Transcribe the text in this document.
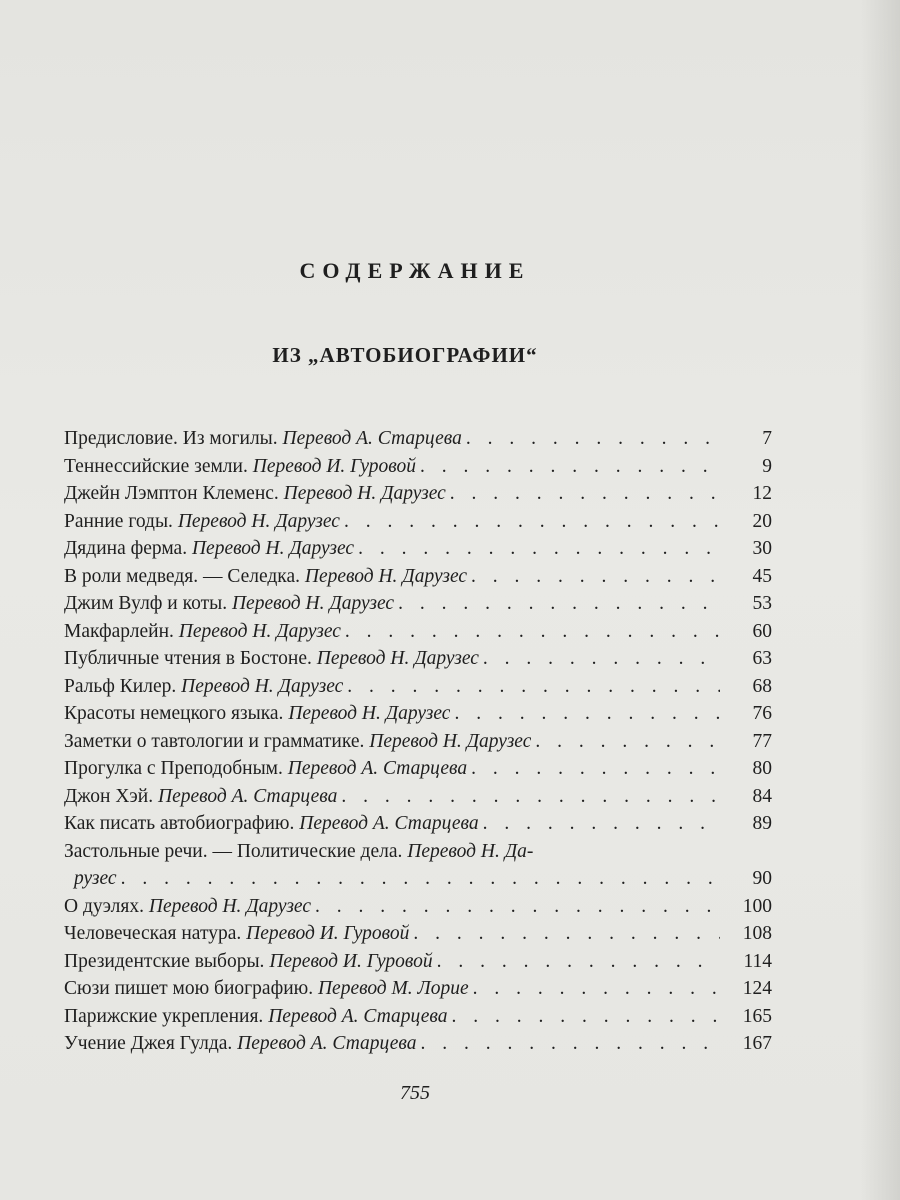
СОДЕРЖАНИЕ
ИЗ „АВТОБИОГРАФИИ“
Предисловие. Из могилы. Перевод А. Старцева . . .	7
Теннессийские земли. Перевод И. Гуровой . . .	9
Джейн Лэмптон Клеменс. Перевод Н. Дарузес . . .	12
Ранние годы. Перевод Н. Дарузес . . .	20
Дядина ферма. Перевод Н. Дарузес . . .	30
В роли медведя. — Селедка. Перевод Н. Дарузес . . .	45
Джим Вулф и коты. Перевод Н. Дарузес . . .	53
Макфарлейн. Перевод Н. Дарузес . . .	60
Публичные чтения в Бостоне. Перевод Н. Дарузес . . .	63
Ральф Килер. Перевод Н. Дарузес . . .	68
Красоты немецкого языка. Перевод Н. Дарузес . . .	76
Заметки о тавтологии и грамматике. Перевод Н. Дарузес . . .	77
Прогулка с Преподобным. Перевод А. Старцева . . .	80
Джон Хэй. Перевод А. Старцева . . .	84
Как писать автобиографию. Перевод А. Старцева . . .	89
Застольные речи. — Политические дела. Перевод Н. Да-
рузес . . .	90
О дуэлях. Перевод Н. Дарузес . . .	100
Человеческая натура. Перевод И. Гуровой . . .	108
Президентские выборы. Перевод И. Гуровой . . .	114
Сюзи пишет мою биографию. Перевод М. Лорие . . .	124
Парижские укрепления. Перевод А. Старцева . . .	165
Учение Джея Гулда. Перевод А. Старцева . . .	167
755
